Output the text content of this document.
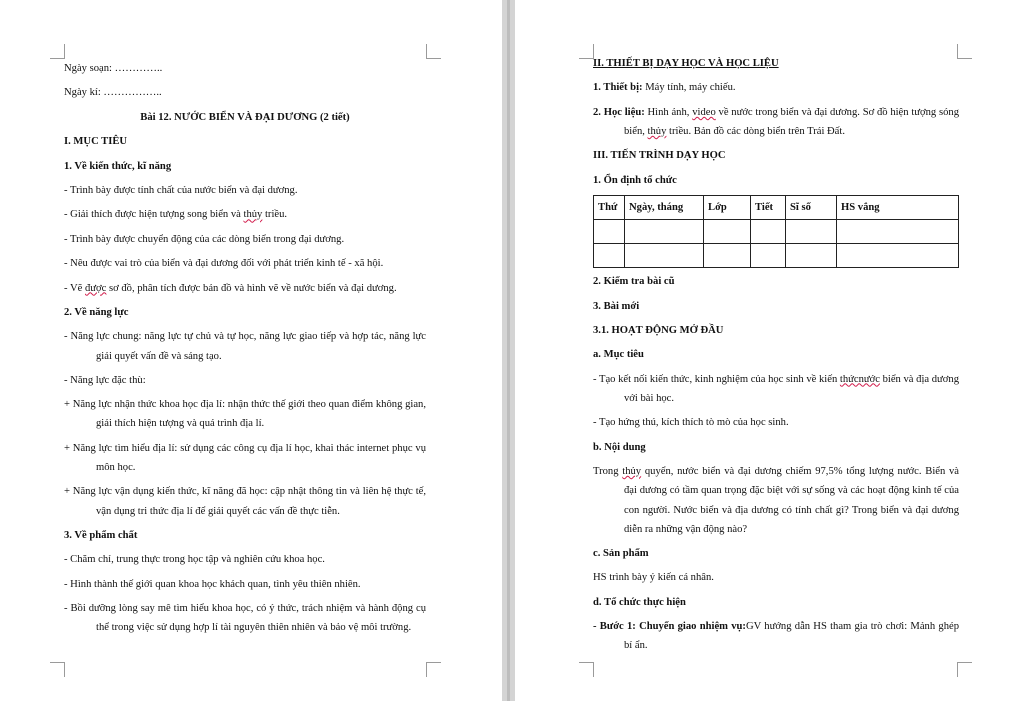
Ngày soạn: …………..
Ngày kí: ……………..
Bài 12. NƯỚC BIỂN VÀ ĐẠI DƯƠNG (2 tiết)
I. MỤC TIÊU
1. Về kiến thức, kĩ năng
- Trình bày được tính chất của nước biển và đại dương.
- Giải thích được hiện tượng song biển và thủy triều.
- Trình bày được chuyển động của các dòng biển trong đại dương.
- Nêu được vai trò của biển và đại dương đối với phát triển kinh tế - xã hội.
- Vẽ được sơ đồ, phân tích được bản đồ và hình vẽ về nước biển và đại dương.
2. Về năng lực
- Năng lực chung: năng lực tự chủ và tự học, năng lực giao tiếp và hợp tác, năng lực giải quyết vấn đề và sáng tạo.
- Năng lực đặc thù:
+ Năng lực nhận thức khoa học địa lí: nhận thức thế giới theo quan điểm không gian, giải thích hiện tượng và quá trình địa lí.
+ Năng lực tìm hiểu địa lí: sử dụng các công cụ địa lí học, khai thác internet phục vụ môn học.
+ Năng lực vận dụng kiến thức, kĩ năng đã học: cập nhật thông tin và liên hệ thực tế, vận dụng tri thức địa lí để giải quyết các vấn đề thực tiễn.
3. Về phẩm chất
- Chăm chỉ, trung thực trong học tập và nghiên cứu khoa học.
- Hình thành thế giới quan khoa học khách quan, tình yêu thiên nhiên.
- Bồi dưỡng lòng say mê tìm hiểu khoa học, có ý thức, trách nhiệm và hành động cụ thể trong việc sử dụng hợp lí tài nguyên thiên nhiên và bảo vệ môi trường.
II. THIẾT BỊ DẠY HỌC VÀ HỌC LIỆU
1. Thiết bị: Máy tính, máy chiếu.
2. Học liệu: Hình ảnh, video về nước trong biển và đại dương. Sơ đồ hiện tượng sóng biển, thủy triều. Bản đồ các dòng biển trên Trái Đất.
III. TIẾN TRÌNH DẠY HỌC
1. Ổn định tổ chức
Thứ	Ngày, tháng	Lớp	Tiết	Sĩ số	HS vắng

2. Kiểm tra bài cũ
3. Bài mới
3.1. HOẠT ĐỘNG MỞ ĐẦU
a. Mục tiêu
- Tạo kết nối kiến thức, kinh nghiệm của học sinh về kiến thứcnước biển và địa dương với bài học.
- Tạo hứng thú, kích thích tò mò của học sinh.
b. Nội dung
Trong thủy quyển, nước biển và đại dương chiếm 97,5% tổng lượng nước. Biển và đại dương có tầm quan trọng đặc biệt với sự sống và các hoạt động kinh tế của con người. Nước biển và địa dương có tính chất gì? Trong biển và đại dương diễn ra những vận động nào?
c. Sản phẩm
HS trình bày ý kiến cá nhân.
d. Tổ chức thực hiện
- Bước 1: Chuyển giao nhiệm vụ:GV hướng dẫn HS tham gia trò chơi: Mảnh ghép bí ẩn.
